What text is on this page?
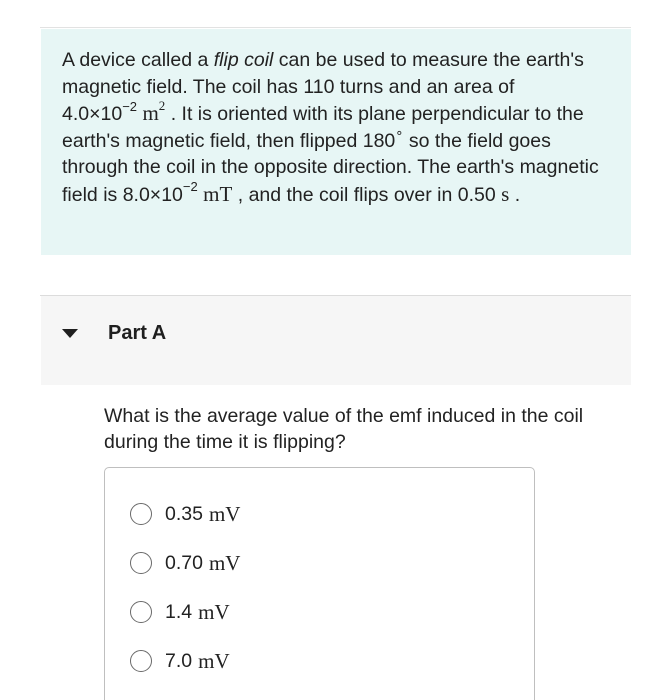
A device called a flip coil can be used to measure the earth's magnetic field. The coil has 110 turns and an area of $4.0\times 10^{-2}$ $m^2$ . It is oriented with its plane perpendicular to the earth's magnetic field, then flipped 180∘ so the field goes through the coil in the opposite direction. The earth's magnetic field is $8.0\times 10^{-2}$ mT , and the coil flips over in 0.50 s .

Part A

What is the average value of the emf induced in the coil during the time it is flipping?

0.35 mV
0.70 mV
1.4 mV
7.0 mV
